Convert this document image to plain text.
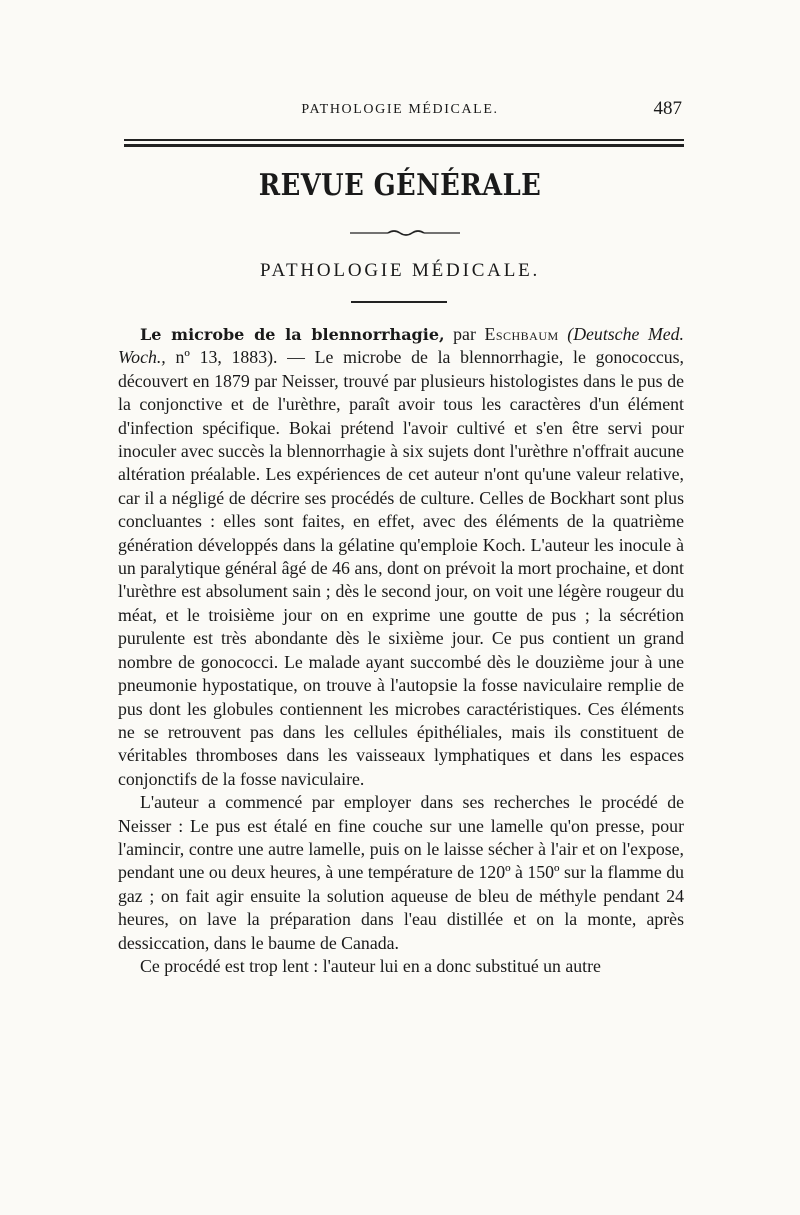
PATHOLOGIE MÉDICALE.	487
REVUE GÉNÉRALE
PATHOLOGIE MÉDICALE.

Le microbe de la blennorrhagie, par Eschbaum (Deutsche Med. Woch., nº 13, 1883). — Le microbe de la blennorrhagie, le gonococcus, découvert en 1879 par Neisser, trouvé par plusieurs histologistes dans le pus de la conjonctive et de l'urèthre, paraît avoir tous les caractères d'un élément d'infection spécifique. Bokai prétend l'avoir cultivé et s'en être servi pour inoculer avec succès la blennorrhagie à six sujets dont l'urèthre n'offrait aucune altération préalable. Les expériences de cet auteur n'ont qu'une valeur relative, car il a négligé de décrire ses procédés de culture. Celles de Bockhart sont plus concluantes : elles sont faites, en effet, avec des éléments de la quatrième génération développés dans la gélatine qu'emploie Koch. L'auteur les inocule à un paralytique général âgé de 46 ans, dont on prévoit la mort prochaine, et dont l'urèthre est absolument sain ; dès le second jour, on voit une légère rougeur du méat, et le troisième jour on en exprime une goutte de pus ; la sécrétion purulente est très abondante dès le sixième jour. Ce pus contient un grand nombre de gonococci. Le malade ayant succombé dès le douzième jour à une pneumonie hypostatique, on trouve à l'autopsie la fosse naviculaire remplie de pus dont les globules contiennent les microbes caractéristiques. Ces éléments ne se retrouvent pas dans les cellules épithéliales, mais ils constituent de véritables thromboses dans les vaisseaux lymphatiques et dans les espaces conjonctifs de la fosse naviculaire.

L'auteur a commencé par employer dans ses recherches le procédé de Neisser : Le pus est étalé en fine couche sur une lamelle qu'on presse, pour l'amincir, contre une autre lamelle, puis on le laisse sécher à l'air et on l'expose, pendant une ou deux heures, à une température de 120º à 150º sur la flamme du gaz ; on fait agir ensuite la solution aqueuse de bleu de méthyle pendant 24 heures, on lave la préparation dans l'eau distillée et on la monte, après dessiccation, dans le baume de Canada.

Ce procédé est trop lent : l'auteur lui en a donc substitué un autre
